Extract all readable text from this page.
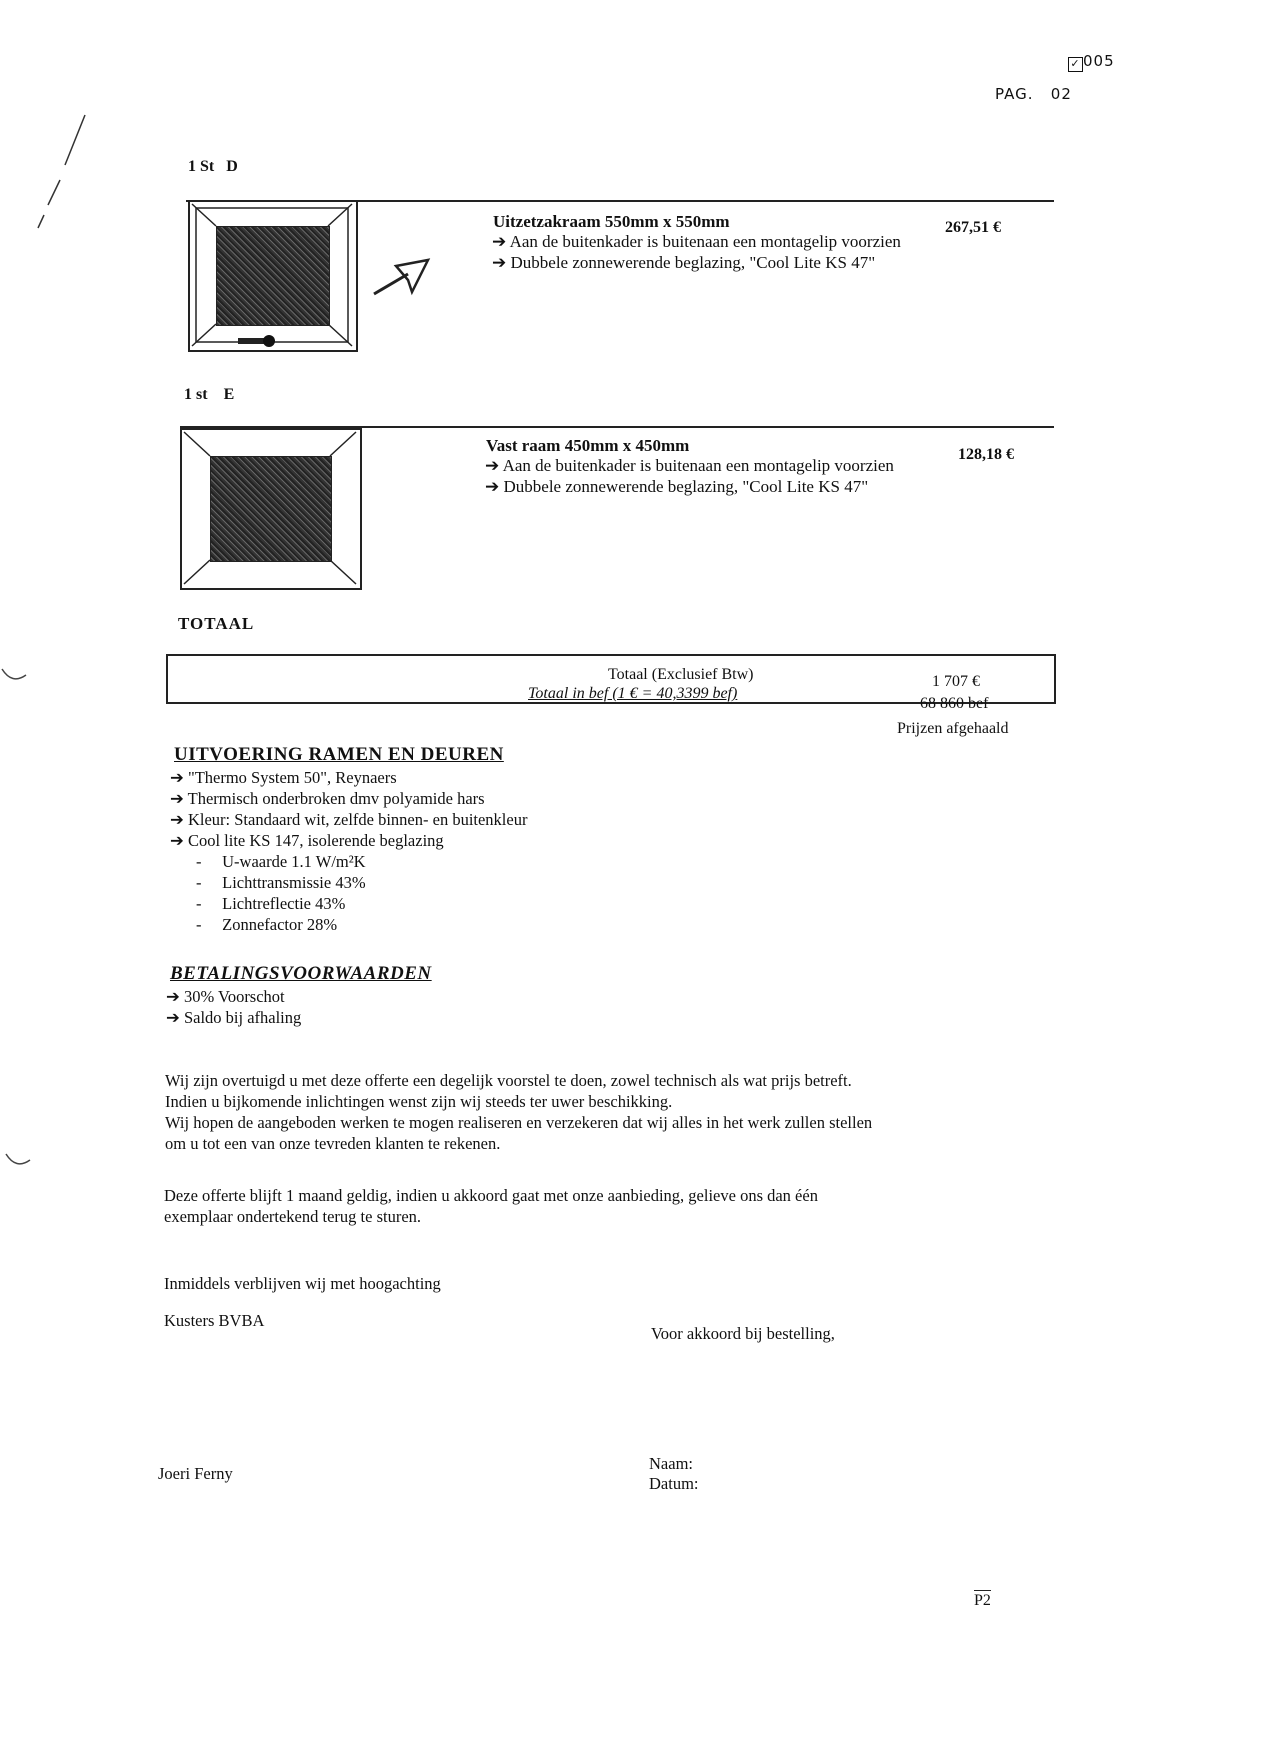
✓ 005
PAG. 02
1 St D
Uitzetzakraam 550mm x 550mm	267,51 €
➔ Aan de buitenkader is buitenaan een montagelip voorzien
➔ Dubbele zonnewerende beglazing, "Cool Lite KS 47"
1 st E
Vast raam 450mm x 450mm	128,18 €
➔ Aan de buitenkader is buitenaan een montagelip voorzien
➔ Dubbele zonnewerende beglazing, "Cool Lite KS 47"
TOTAAL
Totaal (Exclusief Btw)	1 707 €
Totaal in bef (1 € = 40,3399 bef)
68 860 bef
Prijzen afgehaald
UITVOERING RAMEN EN DEUREN
➔ "Thermo System 50", Reynaers
➔ Thermisch onderbroken dmv polyamide hars
➔ Kleur: Standaard wit, zelfde binnen- en buitenkleur
➔ Cool lite KS 147, isolerende beglazing
-     U-waarde 1.1 W/m²K
-     Lichttransmissie 43%
-     Lichtreflectie 43%
-     Zonnefactor 28%
BETALINGSVOORWAARDEN
➔ 30% Voorschot
➔ Saldo bij afhaling
Wij zijn overtuigd u met deze offerte een degelijk voorstel te doen, zowel technisch als wat prijs betreft.
Indien u bijkomende inlichtingen wenst zijn wij steeds ter uwer beschikking.
Wij hopen de aangeboden werken te mogen realiseren en verzekeren dat wij alles in het werk zullen stellen
om u tot een van onze tevreden klanten te rekenen.
Deze offerte blijft 1 maand geldig, indien u akkoord gaat met onze aanbieding, gelieve ons dan één
exemplaar ondertekend terug te sturen.
Inmiddels verblijven wij met hoogachting
Kusters BVBA
Voor akkoord bij bestelling,
Joeri Ferny
Naam:
Datum:
P2
